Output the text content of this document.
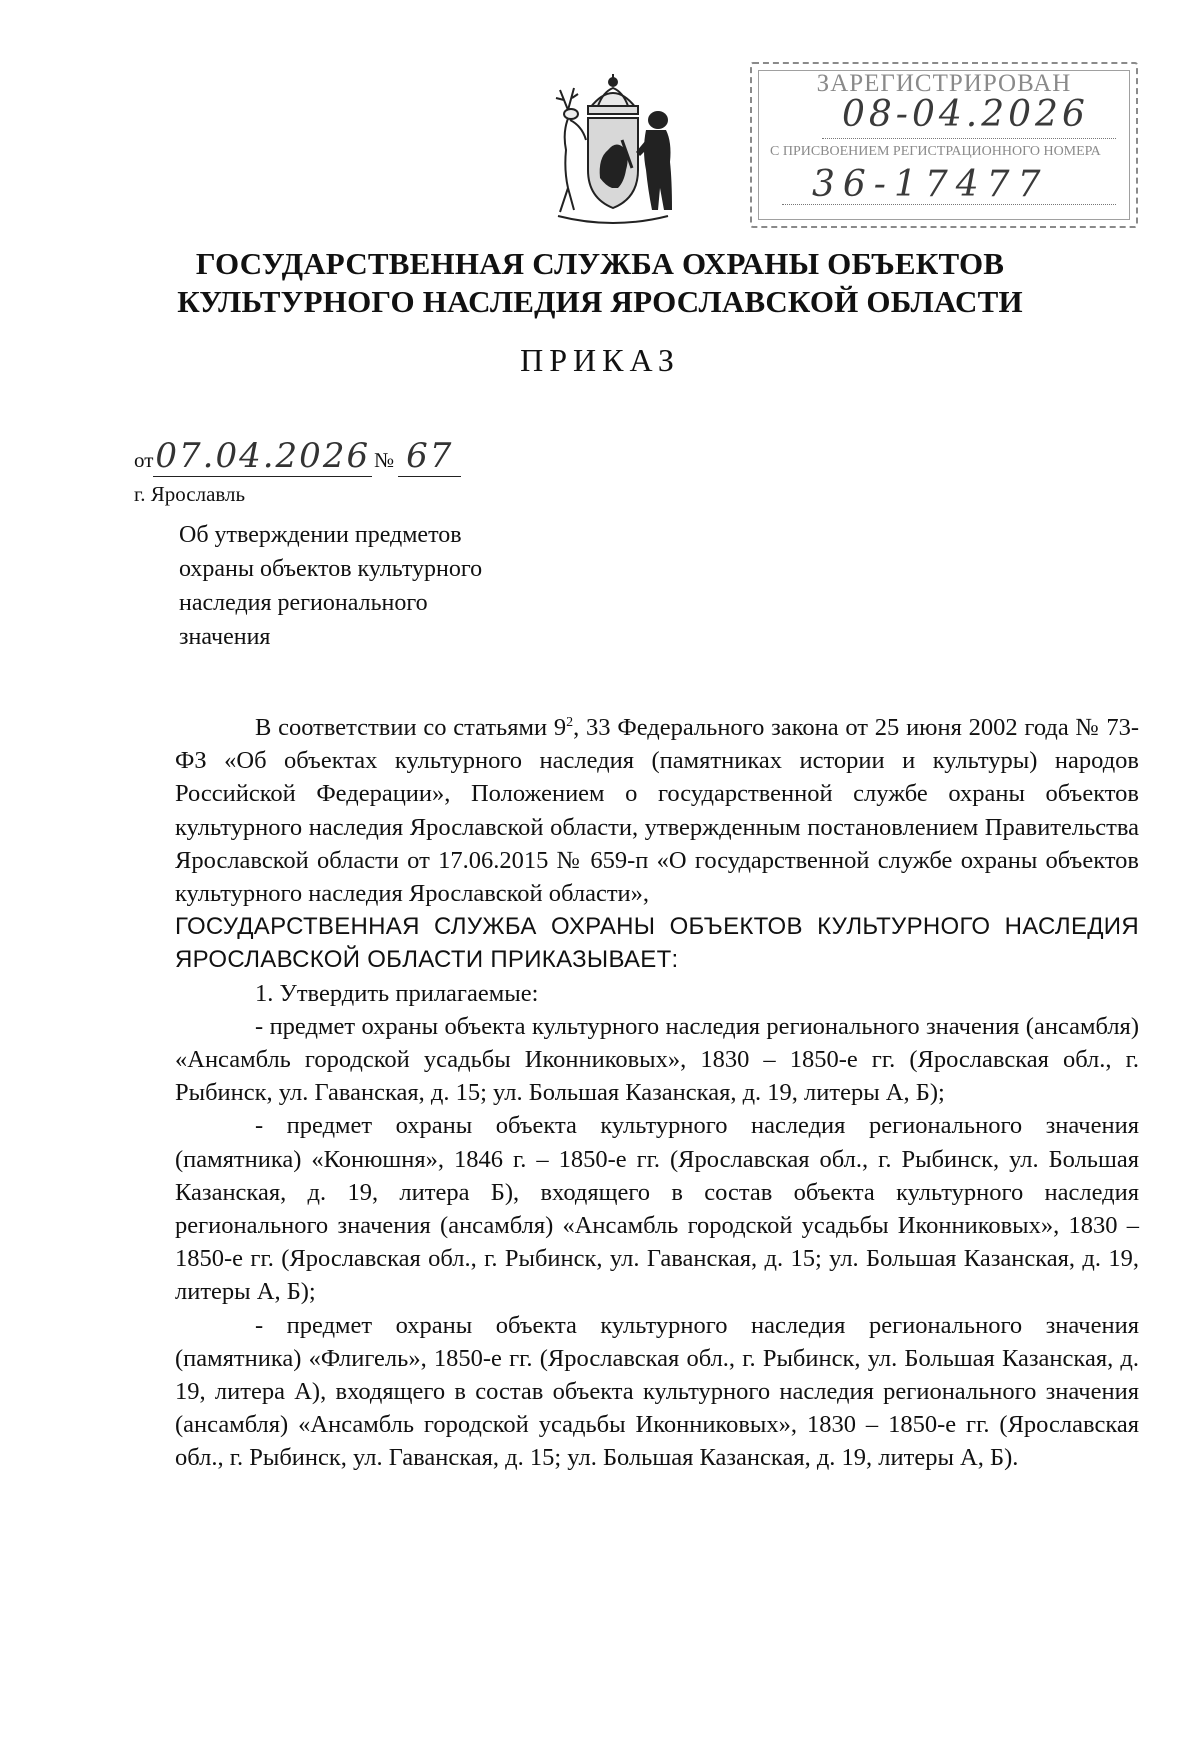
ЗАРЕГИСТРИРОВАН
08-04.2026
С ПРИСВОЕНИЕМ РЕГИСТРАЦИОННОГО НОМЕРА
36-17477
ГОСУДАРСТВЕННАЯ СЛУЖБА ОХРАНЫ ОБЪЕКТОВ
КУЛЬТУРНОГО НАСЛЕДИЯ ЯРОСЛАВСКОЙ ОБЛАСТИ
ПРИКАЗ
от07.04.2026 № 67
г. Ярославль

Об утверждении предметов

охраны объектов культурного

наследия регионального

значения

В соответствии со статьями $9^2$, 33 Федерального закона от 25 июня 2002 года № 73-ФЗ «Об объектах культурного наследия (памятниках истории и культуры) народов Российской Федерации», Положением о государственной службе охраны объектов культурного наследия Ярославской области, утвержденным постановлением Правительства Ярославской области от 17.06.2015 № 659-п «О государственной службе охраны объектов культурного наследия Ярославской области»,

ГОСУДАРСТВЕННАЯ СЛУЖБА ОХРАНЫ ОБЪЕКТОВ КУЛЬТУРНОГО НАСЛЕДИЯ ЯРОСЛАВСКОЙ ОБЛАСТИ ПРИКАЗЫВАЕТ:

1. Утвердить прилагаемые:

- предмет охраны объекта культурного наследия регионального значения (ансамбля) «Ансамбль городской усадьбы Иконниковых», 1830 – 1850-е гг. (Ярославская обл., г. Рыбинск, ул. Гаванская, д. 15; ул. Большая Казанская, д. 19, литеры А, Б);

- предмет охраны объекта культурного наследия регионального значения (памятника) «Конюшня», 1846 г. – 1850-е гг. (Ярославская обл., г. Рыбинск, ул. Большая Казанская, д. 19, литера Б), входящего в состав объекта культурного наследия регионального значения (ансамбля) «Ансамбль городской усадьбы Иконниковых», 1830 – 1850-е гг. (Ярославская обл., г. Рыбинск, ул. Гаванская, д. 15; ул. Большая Казанская, д. 19, литеры А, Б);

- предмет охраны объекта культурного наследия регионального значения (памятника) «Флигель», 1850-е гг. (Ярославская обл., г. Рыбинск, ул. Большая Казанская, д. 19, литера А), входящего в состав объекта культурного наследия регионального значения (ансамбля) «Ансамбль городской усадьбы Иконниковых», 1830 – 1850-е гг. (Ярославская обл., г. Рыбинск, ул. Гаванская, д. 15; ул. Большая Казанская, д. 19, литеры А, Б).
